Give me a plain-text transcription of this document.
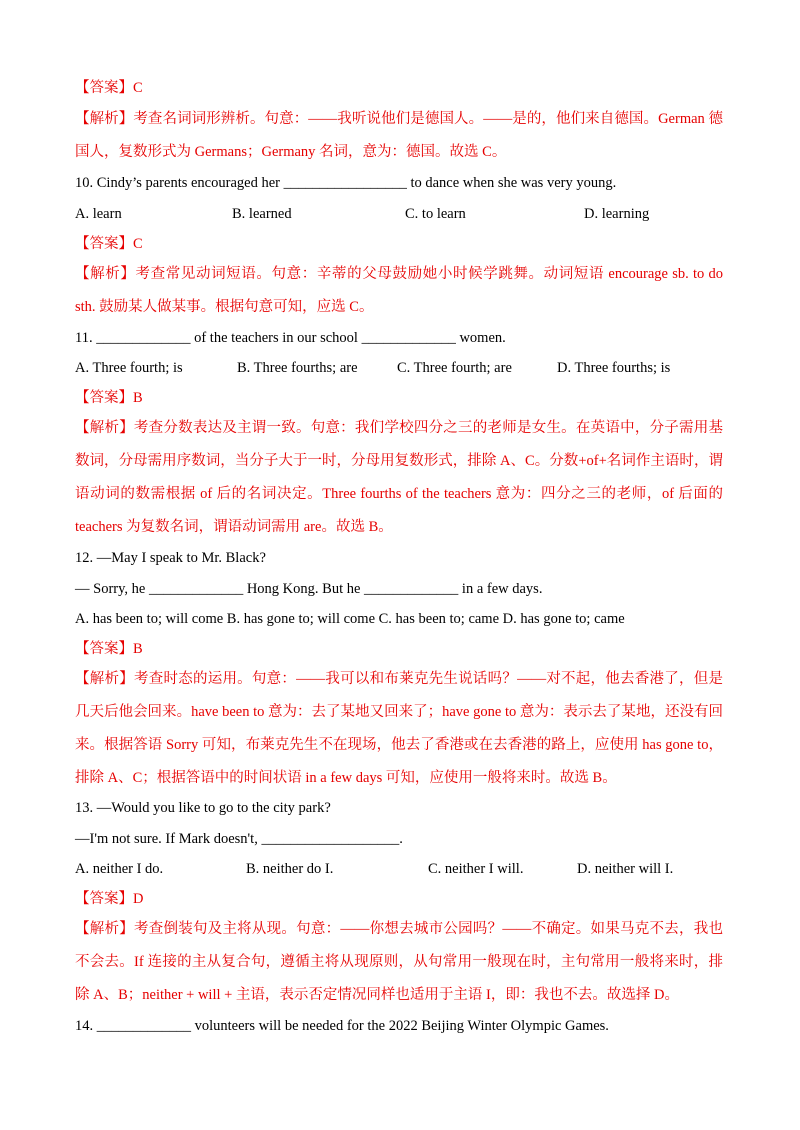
【答案】C
【解析】考查名词词形辨析。句意：——我听说他们是德国人。——是的，他们来自德国。German 德国人，复数形式为 Germans；Germany 名词，意为：德国。故选 C。
10. Cindy’s parents encouraged her _________________ to dance when she was very young.
A. learn	B. learned	C. to learn	D. learning
【答案】C
【解析】考查常见动词短语。句意：辛蒂的父母鼓励她小时候学跳舞。动词短语 encourage sb. to do sth. 鼓励某人做某事。根据句意可知，应选 C。
11. _____________ of the teachers in our school _____________ women.
A. Three fourth; is	B. Three fourths; are	C. Three fourth; are	D. Three fourths; is
【答案】B
【解析】考查分数表达及主谓一致。句意：我们学校四分之三的老师是女生。在英语中，分子需用基数词，分母需用序数词，当分子大于一时，分母用复数形式，排除 A、C。分数+of+名词作主语时，谓语动词的数需根据 of 后的名词决定。Three fourths of the teachers 意为：四分之三的老师，of 后面的 teachers 为复数名词，谓语动词需用 are。故选 B。
12. —May I speak to Mr. Black?
— Sorry, he _____________ Hong Kong. But he _____________ in a few days.
A. has been to; will come B. has gone to; will come C. has been to; came D. has gone to; came
【答案】B
【解析】考查时态的运用。句意：——我可以和布莱克先生说话吗？——对不起，他去香港了，但是几天后他会回来。have been to 意为：去了某地又回来了；have gone to 意为：表示去了某地，还没有回来。根据答语 Sorry 可知，布莱克先生不在现场，他去了香港或在去香港的路上，应使用 has gone to，排除 A、C；根据答语中的时间状语 in a few days 可知，应使用一般将来时。故选 B。
13. —Would you like to go to the city park?
—I'm not sure. If Mark doesn't, ___________________.
A. neither I do.	B. neither do I.	C. neither I will.	D. neither will I.
【答案】D
【解析】考查倒装句及主将从现。句意：——你想去城市公园吗？——不确定。如果马克不去，我也不会去。If 连接的主从复合句，遵循主将从现原则，从句常用一般现在时，主句常用一般将来时，排除 A、B；neither + will + 主语，表示否定情况同样也适用于主语 I，即：我也不去。故选择 D。
14. _____________ volunteers will be needed for the 2022 Beijing Winter Olympic Games.
